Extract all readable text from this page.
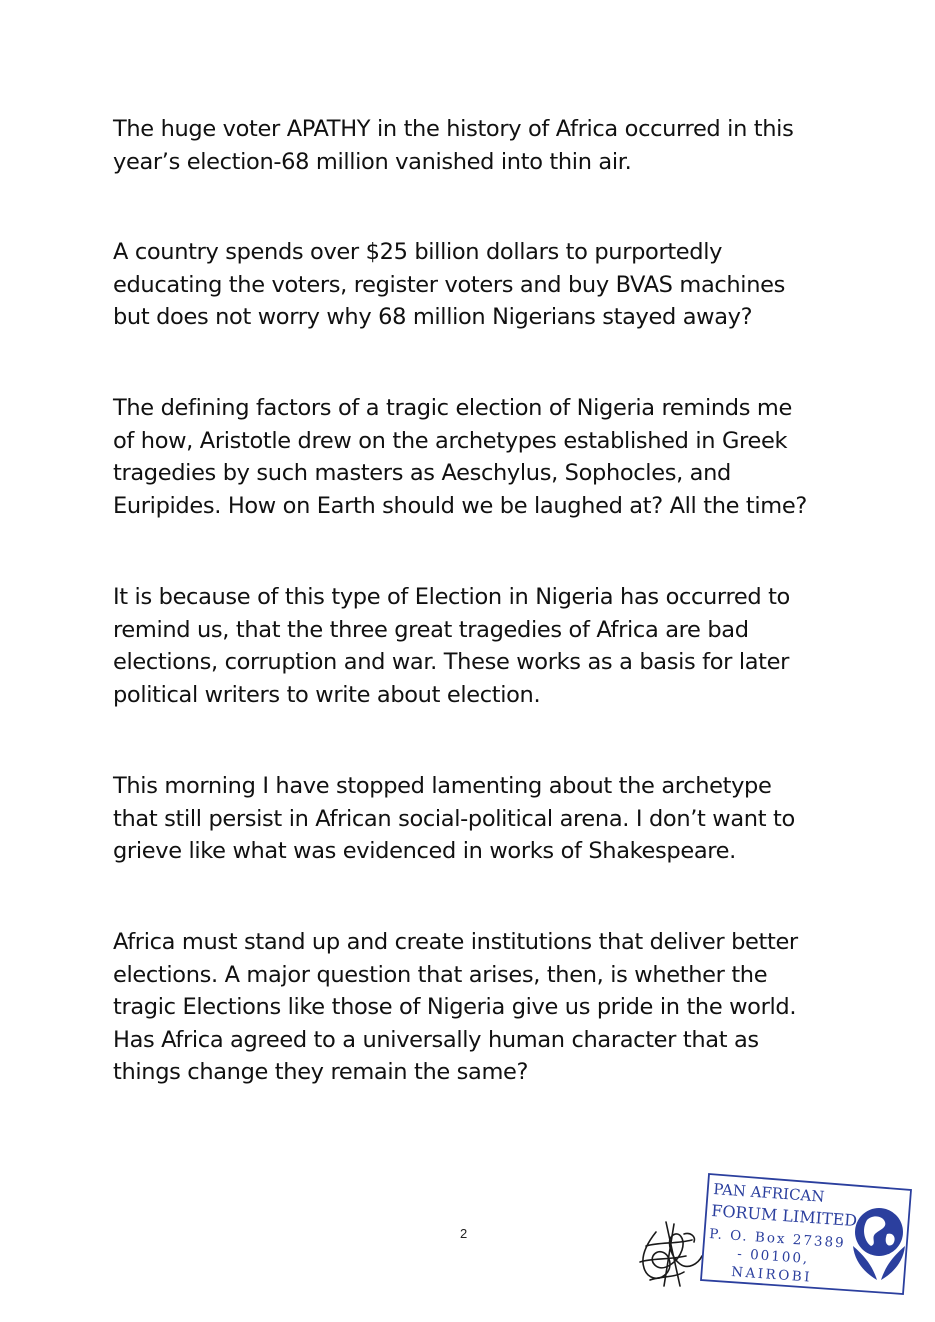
The huge voter APATHY in the history of Africa occurred in this
year’s election-68 million vanished into thin air.

A country spends over $25 billion dollars to purportedly
educating the voters, register voters and buy BVAS machines
but does not worry why 68 million Nigerians stayed away?

The defining factors of a tragic election of Nigeria reminds me
of how, Aristotle drew on the archetypes established in Greek
tragedies by such masters as Aeschylus, Sophocles, and
Euripides. How on Earth should we be laughed at? All the time?

It is because of this type of Election in Nigeria has occurred to
remind us, that the three great tragedies of Africa are bad
elections, corruption and war. These works as a basis for later
political writers to write about election.

This morning I have stopped lamenting about the archetype
that still persist in African social-political arena. I don’t want to
grieve like what was evidenced in works of Shakespeare.

Africa must stand up and create institutions that deliver better
elections. A major question that arises, then, is whether the
tragic Elections like those of Nigeria give us pride in the world.
Has Africa agreed to a universally human character that as
things change they remain the same?

2
PAN AFRICAN
FORUM LIMITED
P. O. Box 27389
- 00100,
NAIROBI
